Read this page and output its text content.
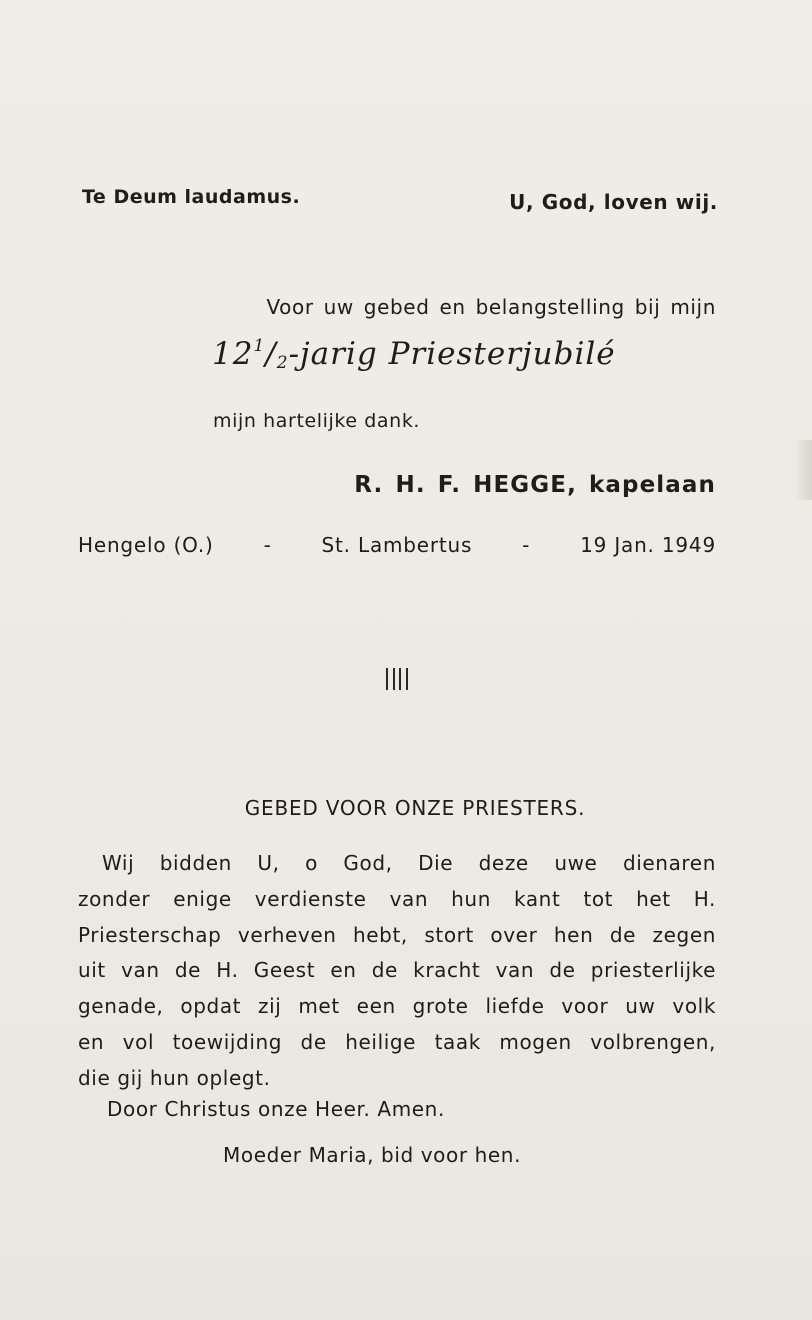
Te Deum laudamus.	U, God, loven wij.
Voor uw gebed en belangstelling bij mijn
$12^1/_2$-jarig Priesterjubilé
mijn hartelijke dank.
R. H. F. HEGGE, kapelaan
Hengelo (O.) - St. Lambertus - 19 Jan. 1949
GEBED VOOR ONZE PRIESTERS.
Wij bidden U, o God, Die deze uwe dienaren
zonder enige verdienste van hun kant tot het H.
Priesterschap verheven hebt, stort over hen de zegen
uit van de H. Geest en de kracht van de priesterlijke
genade, opdat zij met een grote liefde voor uw volk
en vol toewijding de heilige taak mogen volbrengen,
die gij hun oplegt.
Door Christus onze Heer. Amen.
Moeder Maria, bid voor hen.
